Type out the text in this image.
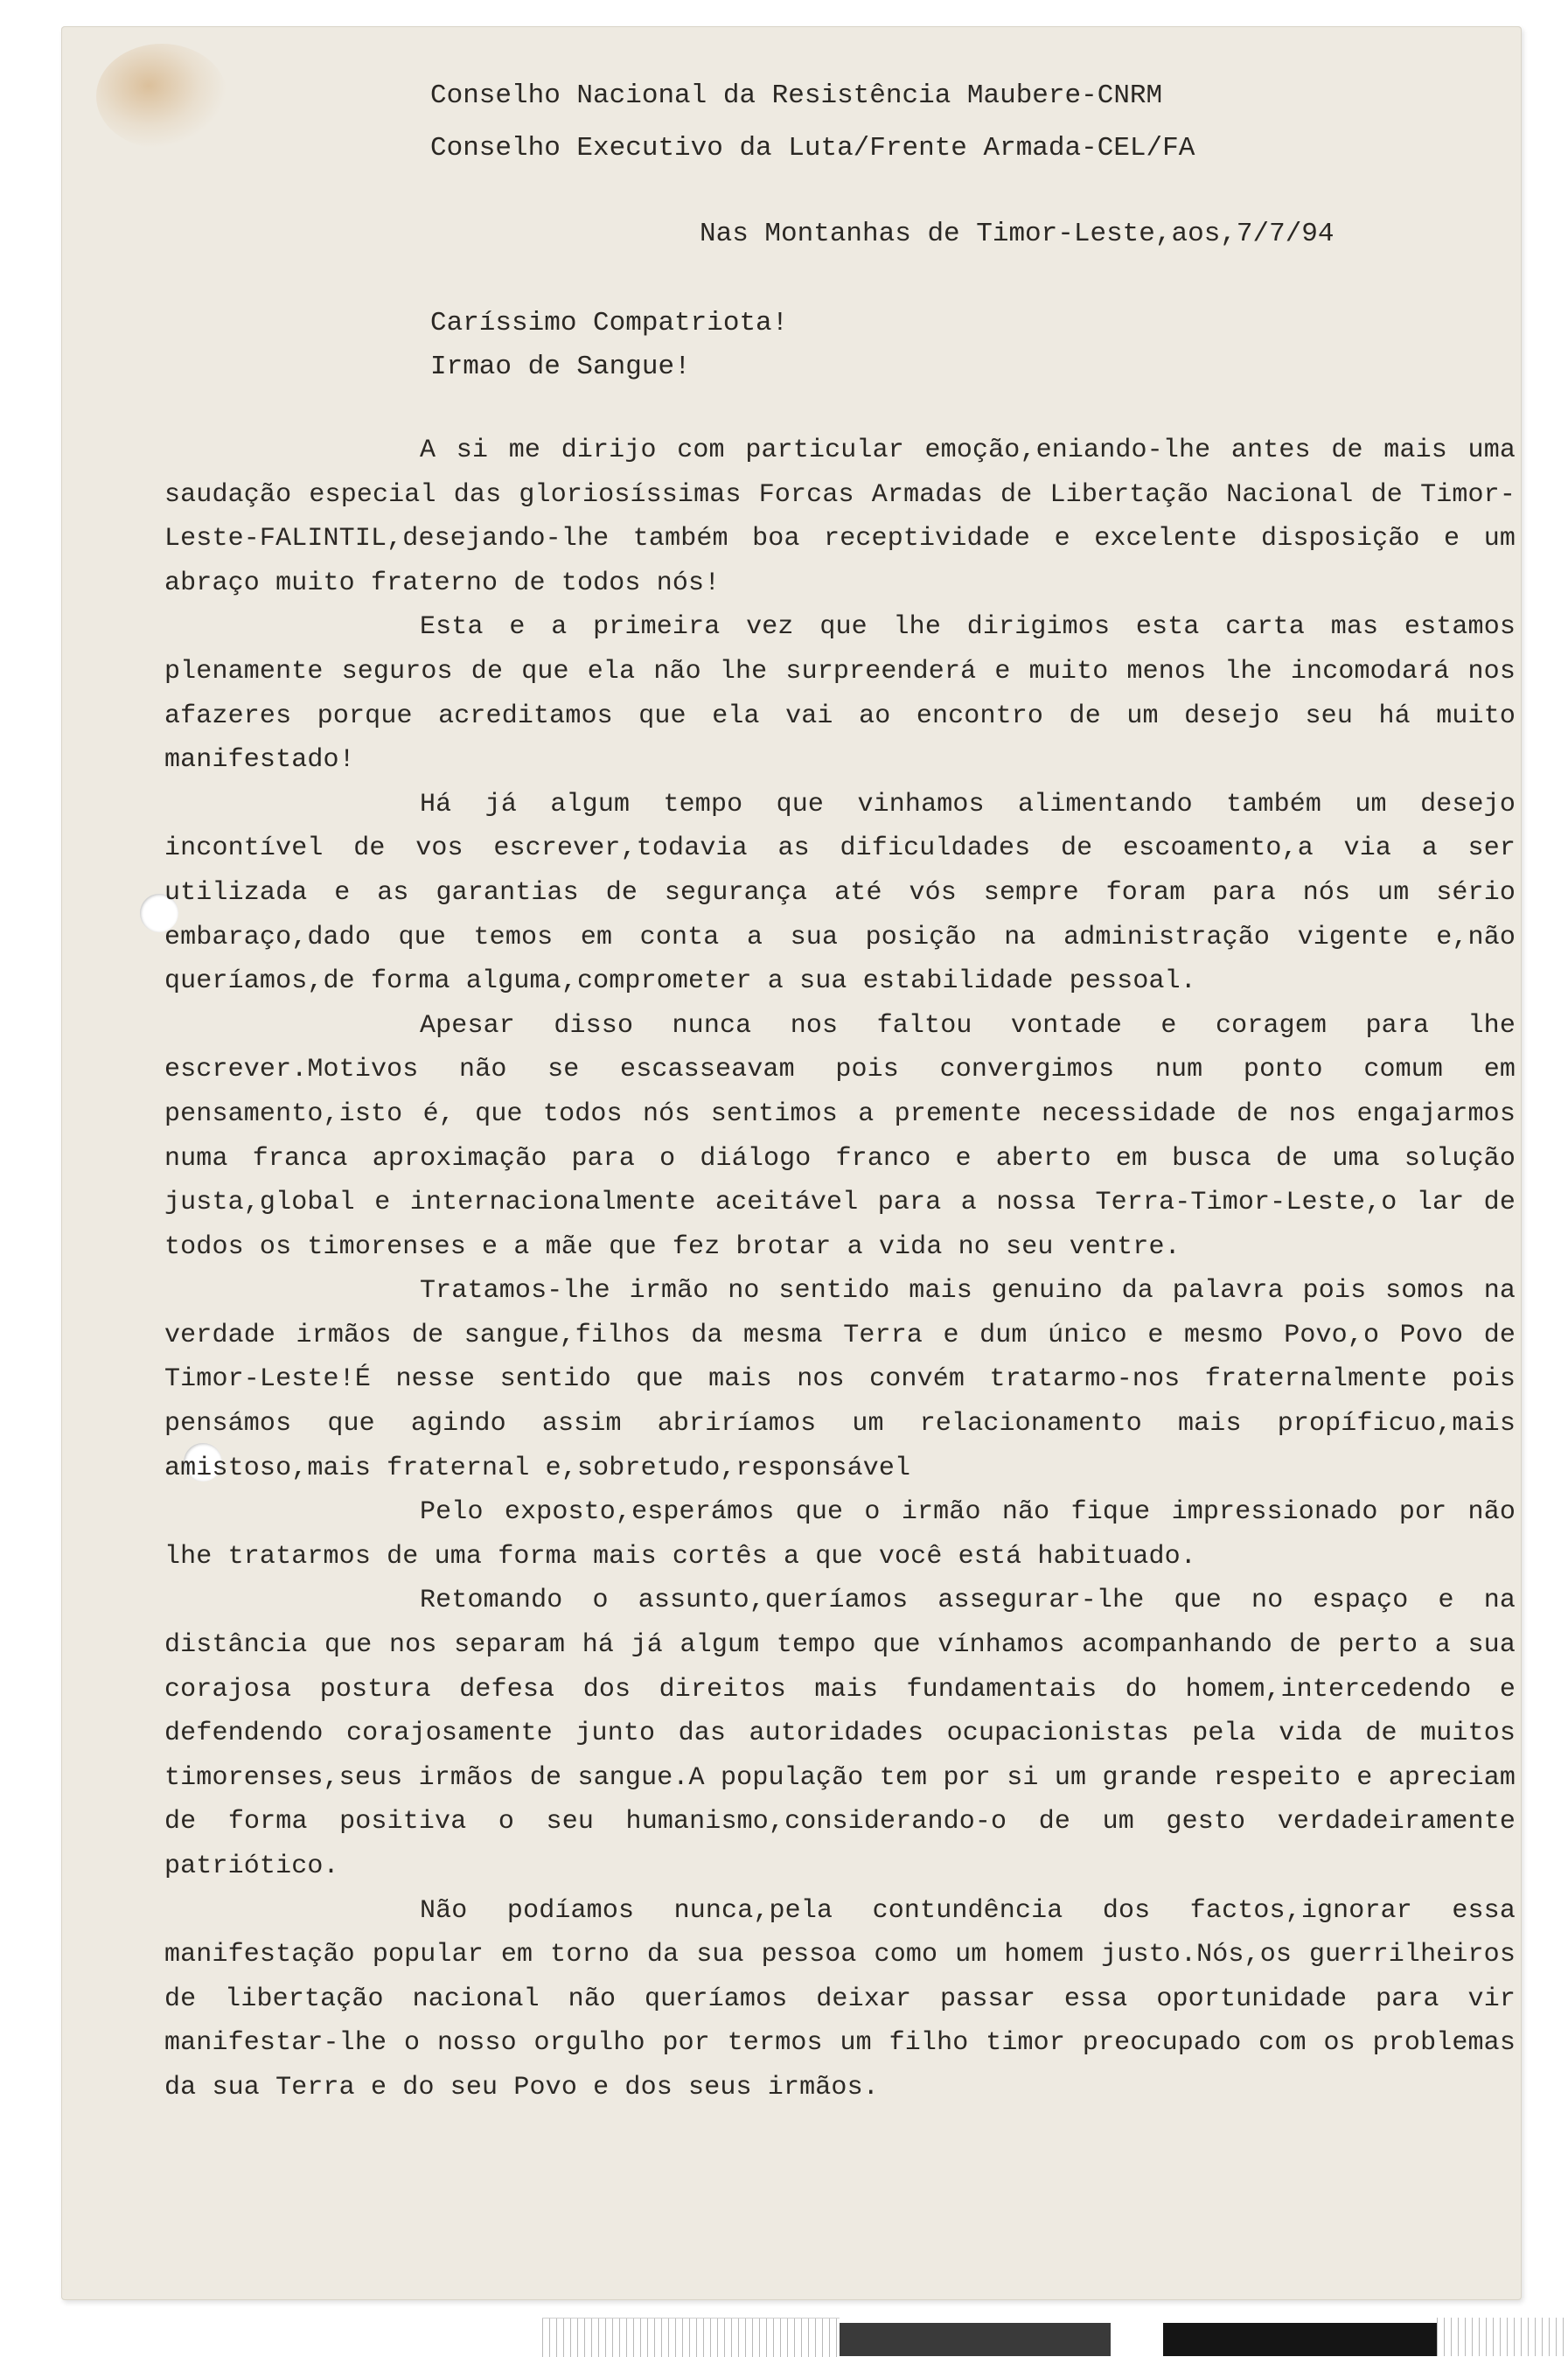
Conselho Nacional da Resistência Maubere-CNRM
Conselho Executivo da Luta/Frente Armada-CEL/FA
Nas Montanhas de Timor-Leste,aos,7/7/94
Caríssimo Compatriota!
Irmao de Sangue!

A si me dirijo com particular emoção,eniando-lhe antes de mais uma saudação especial das gloriosíssimas Forcas Armadas de Libertação Nacional de Timor-Leste-FALINTIL,desejando-lhe também boa receptividade e excelente disposição e um abraço muito fraterno de todos nós!

Esta e a primeira vez que lhe dirigimos esta carta mas estamos plenamente seguros de que ela não lhe surpreenderá e muito menos lhe incomodará nos afazeres porque acreditamos que ela vai ao encontro de um desejo seu há muito manifestado!

Há já algum tempo que vinhamos alimentando também um desejo incontível de vos escrever,todavia as dificuldades de escoamento,a via a ser utilizada e as garantias de segurança até vós sempre foram para nós um sério embaraço,dado que temos em conta a sua posição na administração vigente e,não queríamos,de forma alguma,comprometer a sua estabilidade pessoal.

Apesar disso nunca nos faltou vontade e coragem para lhe escrever.Motivos não se escasseavam pois convergimos num ponto comum em pensamento,isto é, que todos nós sentimos a premente necessidade de nos engajarmos numa franca aproximação para o diálogo franco e aberto em busca de uma solução justa,global e internacionalmente aceitável para a nossa Terra-Timor-Leste,o lar de todos os timorenses e a mãe que fez brotar a vida no seu ventre.

Tratamos-lhe irmão no sentido mais genuino da palavra pois somos na verdade irmãos de sangue,filhos da mesma Terra e dum único e mesmo Povo,o Povo de Timor-Leste!É nesse sentido que mais nos convém tratarmo-nos fraternalmente pois pensámos que agindo assim abriríamos um relacionamento mais propíficuo,mais amistoso,mais fraternal e,sobretudo,responsável

Pelo exposto,esperámos que o irmão não fique impressionado por não lhe tratarmos de uma forma mais cortês a que você está habituado.

Retomando o assunto,queríamos assegurar-lhe que no espaço e na distância que nos separam há já algum tempo que vínhamos acompanhando de perto a sua corajosa postura defesa dos direitos mais fundamentais do homem,intercedendo e defendendo corajosamente junto das autoridades ocupacionistas pela vida de muitos timorenses,seus irmãos de sangue.A população tem por si um grande respeito e apreciam de forma positiva o seu humanismo,considerando-o de um gesto verdadeiramente patriótico.

Não podíamos nunca,pela contundência dos factos,ignorar essa manifestação popular em torno da sua pessoa como um homem justo.Nós,os guerrilheiros de libertação nacional não queríamos deixar passar essa oportunidade para vir manifestar-lhe o nosso orgulho por termos um filho timor preocupado com os problemas da sua Terra e do seu Povo e dos seus irmãos.
